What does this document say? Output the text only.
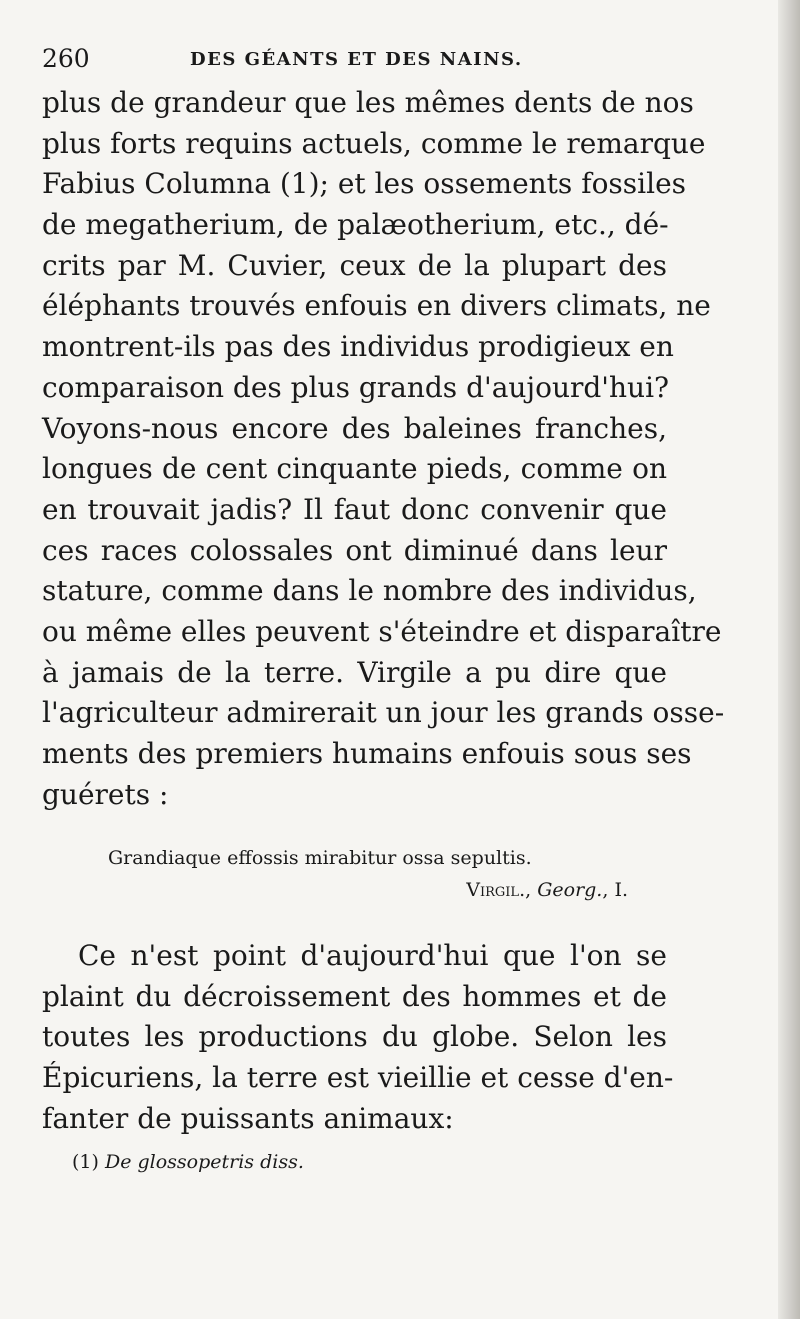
260	DES GÉANTS ET DES NAINS.
plus de grandeur que les mêmes dents de nos
plus forts requins actuels, comme le remarque
Fabius Columna (1); et les ossements fossiles
de megatherium, de palæotherium, etc., dé-
crits par M. Cuvier, ceux de la plupart des
éléphants trouvés enfouis en divers climats, ne
montrent-ils pas des individus prodigieux en
comparaison des plus grands d'aujourd'hui?
Voyons-nous encore des baleines franches,
longues de cent cinquante pieds, comme on
en trouvait jadis? Il faut donc convenir que
ces races colossales ont diminué dans leur
stature, comme dans le nombre des individus,
ou même elles peuvent s'éteindre et disparaître
à jamais de la terre. Virgile a pu dire que
l'agriculteur admirerait un jour les grands osse-
ments des premiers humains enfouis sous ses
guérets :
Grandiaque effossis mirabitur ossa sepultis.
Virgil., Georg., I.
Ce n'est point d'aujourd'hui que l'on se
plaint du décroissement des hommes et de
toutes les productions du globe. Selon les
Épicuriens, la terre est vieillie et cesse d'en-
fanter de puissants animaux:
(1) De glossopetris diss.
